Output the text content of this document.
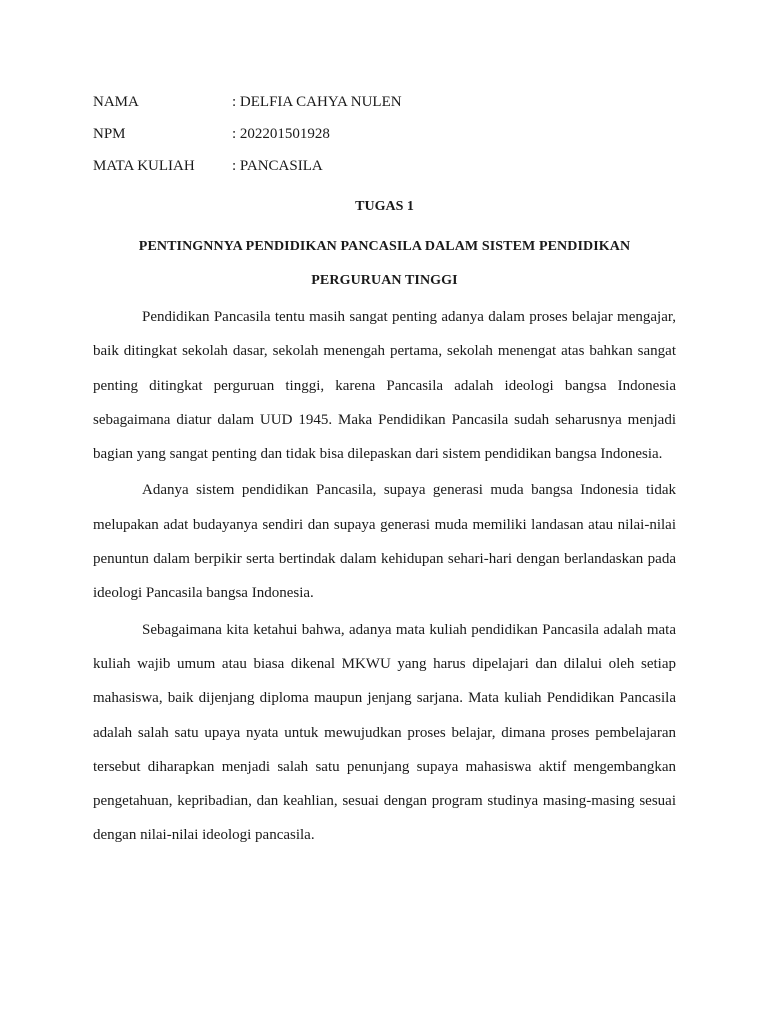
NAMA	: DELFIA CAHYA NULEN
NPM	: 202201501928
MATA KULIAH	: PANCASILA
TUGAS 1
PENTINGNNYA PENDIDIKAN PANCASILA DALAM SISTEM PENDIDIKAN PERGURUAN TINGGI

Pendidikan Pancasila tentu masih sangat penting adanya dalam proses belajar mengajar, baik ditingkat sekolah dasar, sekolah menengah pertama, sekolah menengat atas bahkan sangat penting ditingkat perguruan tinggi, karena Pancasila adalah ideologi bangsa Indonesia sebagaimana diatur dalam UUD 1945. Maka Pendidikan Pancasila sudah seharusnya menjadi bagian yang sangat penting dan tidak bisa dilepaskan dari sistem pendidikan bangsa Indonesia.

Adanya sistem pendidikan Pancasila, supaya generasi muda bangsa Indonesia tidak melupakan adat budayanya sendiri dan supaya generasi muda memiliki landasan atau nilai-nilai penuntun dalam berpikir serta bertindak dalam kehidupan sehari-hari dengan berlandaskan pada ideologi Pancasila bangsa Indonesia.

Sebagaimana kita ketahui bahwa, adanya mata kuliah pendidikan Pancasila adalah mata kuliah wajib umum atau biasa dikenal MKWU yang harus dipelajari dan dilalui oleh setiap mahasiswa, baik dijenjang diploma maupun jenjang sarjana. Mata kuliah Pendidikan Pancasila adalah salah satu upaya nyata untuk mewujudkan proses belajar, dimana proses pembelajaran tersebut diharapkan menjadi salah satu penunjang supaya mahasiswa aktif mengembangkan pengetahuan, kepribadian, dan keahlian, sesuai dengan program studinya masing-masing sesuai dengan nilai-nilai ideologi pancasila.
